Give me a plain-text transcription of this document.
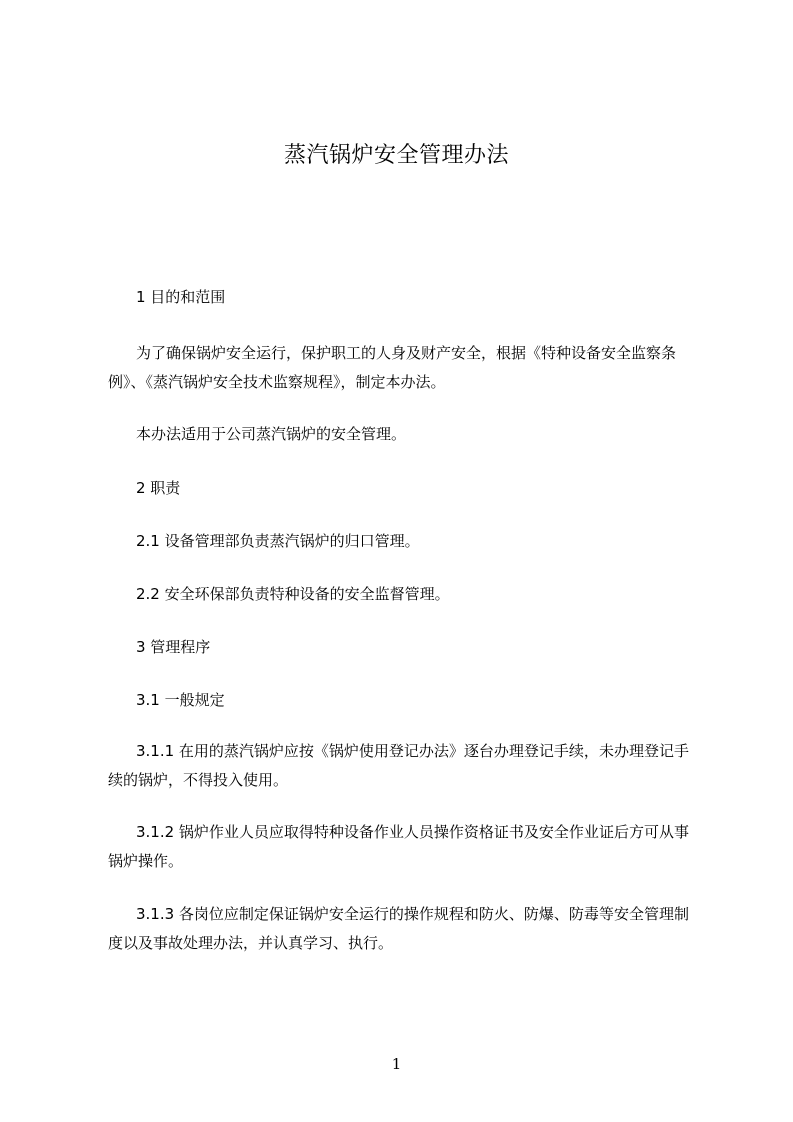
蒸汽锅炉安全管理办法

1 目的和范围

为了确保锅炉安全运行，保护职工的人身及财产安全，根据《特种设备安全监察条例》、《蒸汽锅炉安全技术监察规程》，制定本办法。

本办法适用于公司蒸汽锅炉的安全管理。

2 职责

2.1 设备管理部负责蒸汽锅炉的归口管理。

2.2 安全环保部负责特种设备的安全监督管理。

3 管理程序

3.1 一般规定

3.1.1 在用的蒸汽锅炉应按《锅炉使用登记办法》逐台办理登记手续，未办理登记手续的锅炉，不得投入使用。

3.1.2 锅炉作业人员应取得特种设备作业人员操作资格证书及安全作业证后方可从事锅炉操作。

3.1.3 各岗位应制定保证锅炉安全运行的操作规程和防火、防爆、防毒等安全管理制度以及事故处理办法，并认真学习、执行。

1
